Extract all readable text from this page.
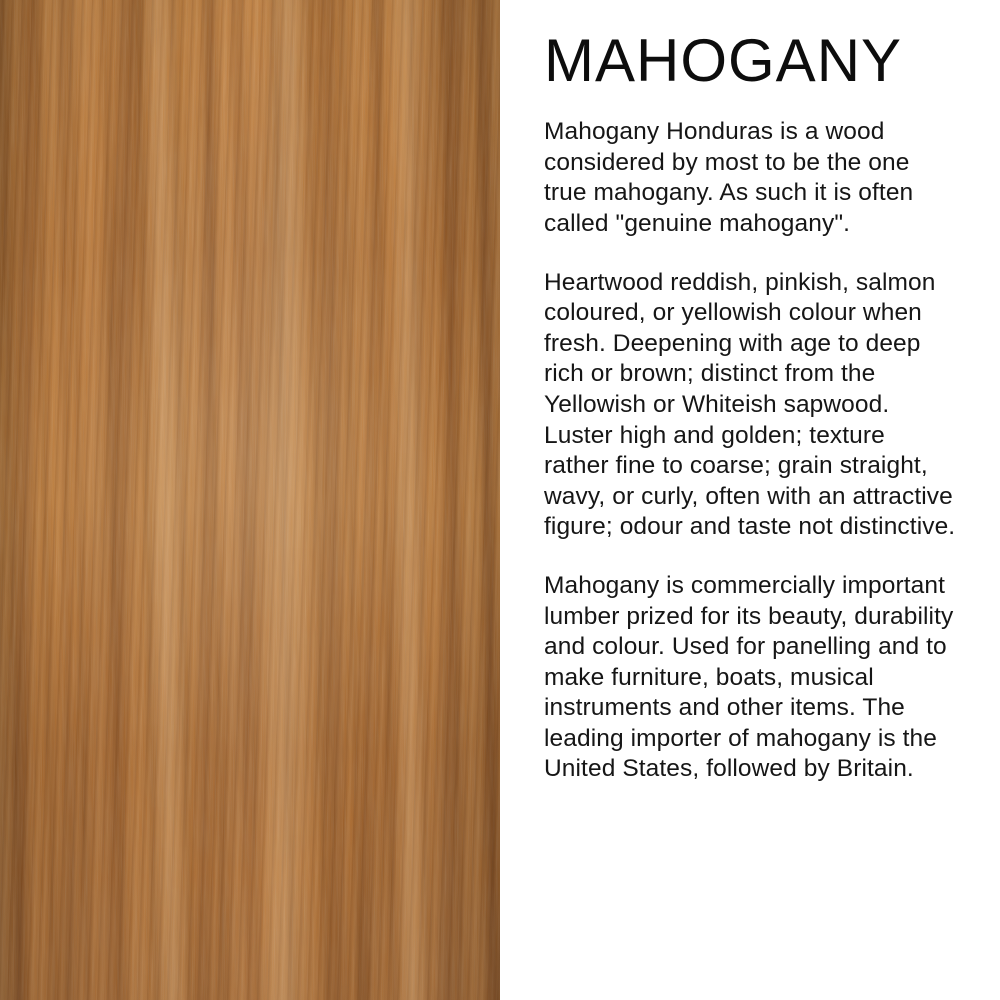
MAHOGANY

Mahogany Honduras is a wood considered by most to be the one true mahogany. As such it is often called "genuine mahogany".

Heartwood reddish, pinkish, salmon coloured, or yellowish colour when fresh. Deepening with age to deep rich or brown; distinct from the Yellowish or Whiteish sapwood. Luster high and golden; texture rather fine to coarse; grain straight, wavy, or curly, often with an attractive figure; odour and taste not distinctive.

Mahogany is commercially important lumber prized for its beauty, durability and colour. Used for panelling and to make furniture, boats, musical instruments and other items. The leading importer of mahogany is the United States, followed by Britain.
